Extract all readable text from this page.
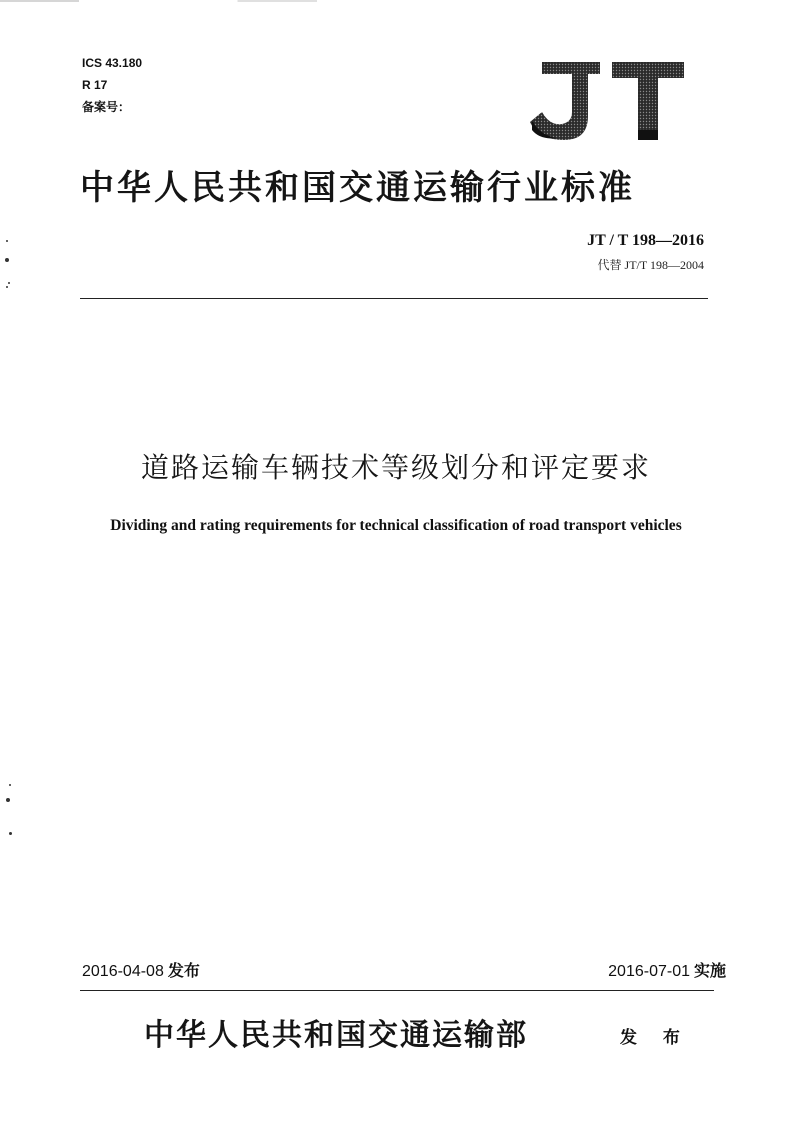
ICS 43.180
R 17
备案号：
中华人民共和国交通运输行业标准
JT / T 198—2016
代替 JT/T 198—2004
道路运输车辆技术等级划分和评定要求
Dividing and rating requirements for technical classification of road transport vehicles
2016-04-08 发布	2016-07-01 实施
中华人民共和国交通运输部	发 布
